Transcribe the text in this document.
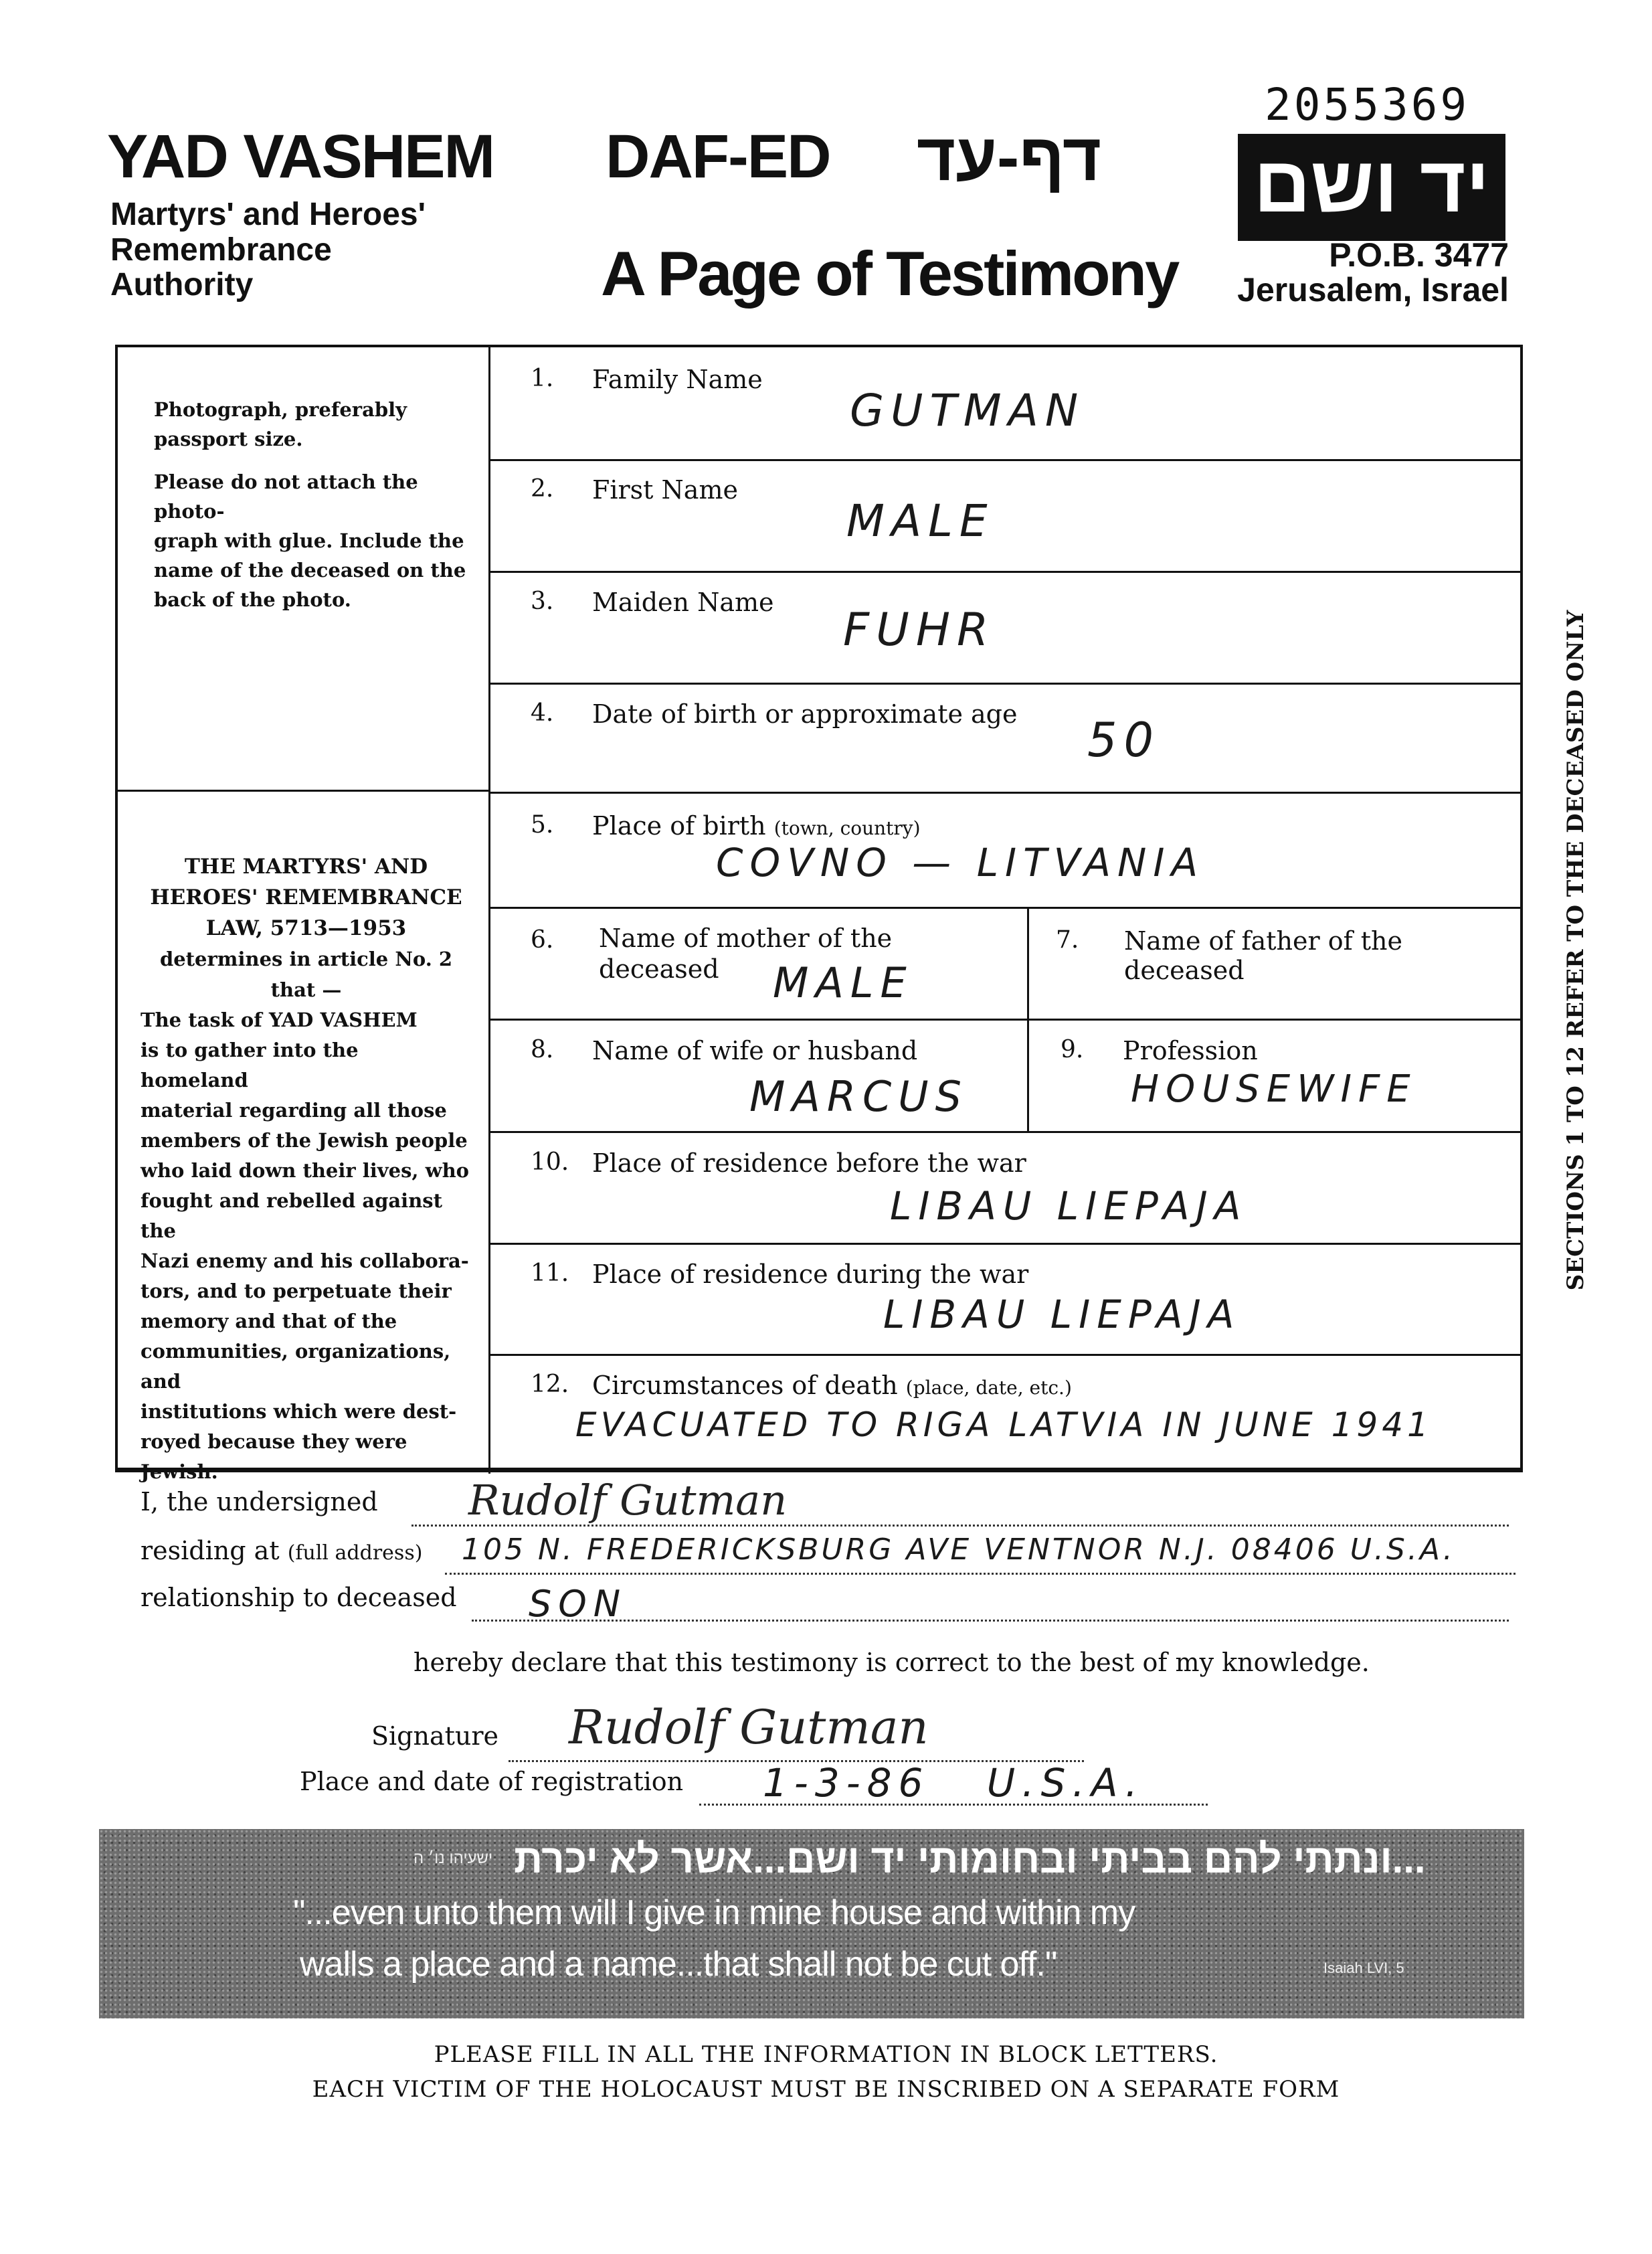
2055369
YAD VASHEM
Martyrs' and Heroes'
Remembrance
Authority
DAF-ED דף-עד
A Page of Testimony
יד ושם
P.O.B. 3477
Jerusalem, Israel
Photograph, preferably
passport size.
Please do not attach the photo-
graph with glue. Include the
name of the deceased on the
back of the photo.
THE MARTYRS' AND
HEROES' REMEMBRANCE
LAW, 5713—1953
determines in article No. 2
that —
The task of YAD VASHEM
is to gather into the homeland
material regarding all those
members of the Jewish people
who laid down their lives, who
fought and rebelled against the
Nazi enemy and his collabora-
tors, and to perpetuate their
memory and that of the
communities, organizations, and
institutions which were dest-
royed because they were Jewish.
1. Family Name
GUTMAN
2. First Name
MALE
3. Maiden Name
FUHR
4. Date of birth or approximate age 50
5. Place of birth (town, country)
COVNO — LITVANIA
6. Name of mother of the
deceased MALE
7. Name of father of the
deceased
8. Name of wife or husband
MARCUS
9. Profession
HOUSEWIFE
10. Place of residence before the war
LIBAU LIEPAJA
11. Place of residence during the war
LIBAU LIEPAJA
12. Circumstances of death (place, date, etc.)
EVACUATED TO RIGA LATVIA IN JUNE 1941
SECTIONS 1 TO 12 REFER TO THE DECEASED ONLY
I, the undersigned Rudolf Gutman
residing at (full address) 105 N. FREDERICKSBURG AVE VENTNOR N.J. 08406 U.S.A.
relationship to deceased SON
hereby declare that this testimony is correct to the best of my knowledge.
Signature Rudolf Gutman
Place and date of registration 1-3-86   U.S.A.
ישעיהו נו׳ ה ...ונתתי להם בביתי ובחומותי יד ושם...אשר לא יכרת
"...even unto them will I give in mine house and within my
walls a place and a name...that shall not be cut off."	Isaiah LVI, 5
PLEASE FILL IN ALL THE INFORMATION IN BLOCK LETTERS.
EACH VICTIM OF THE HOLOCAUST MUST BE INSCRIBED ON A SEPARATE FORM
